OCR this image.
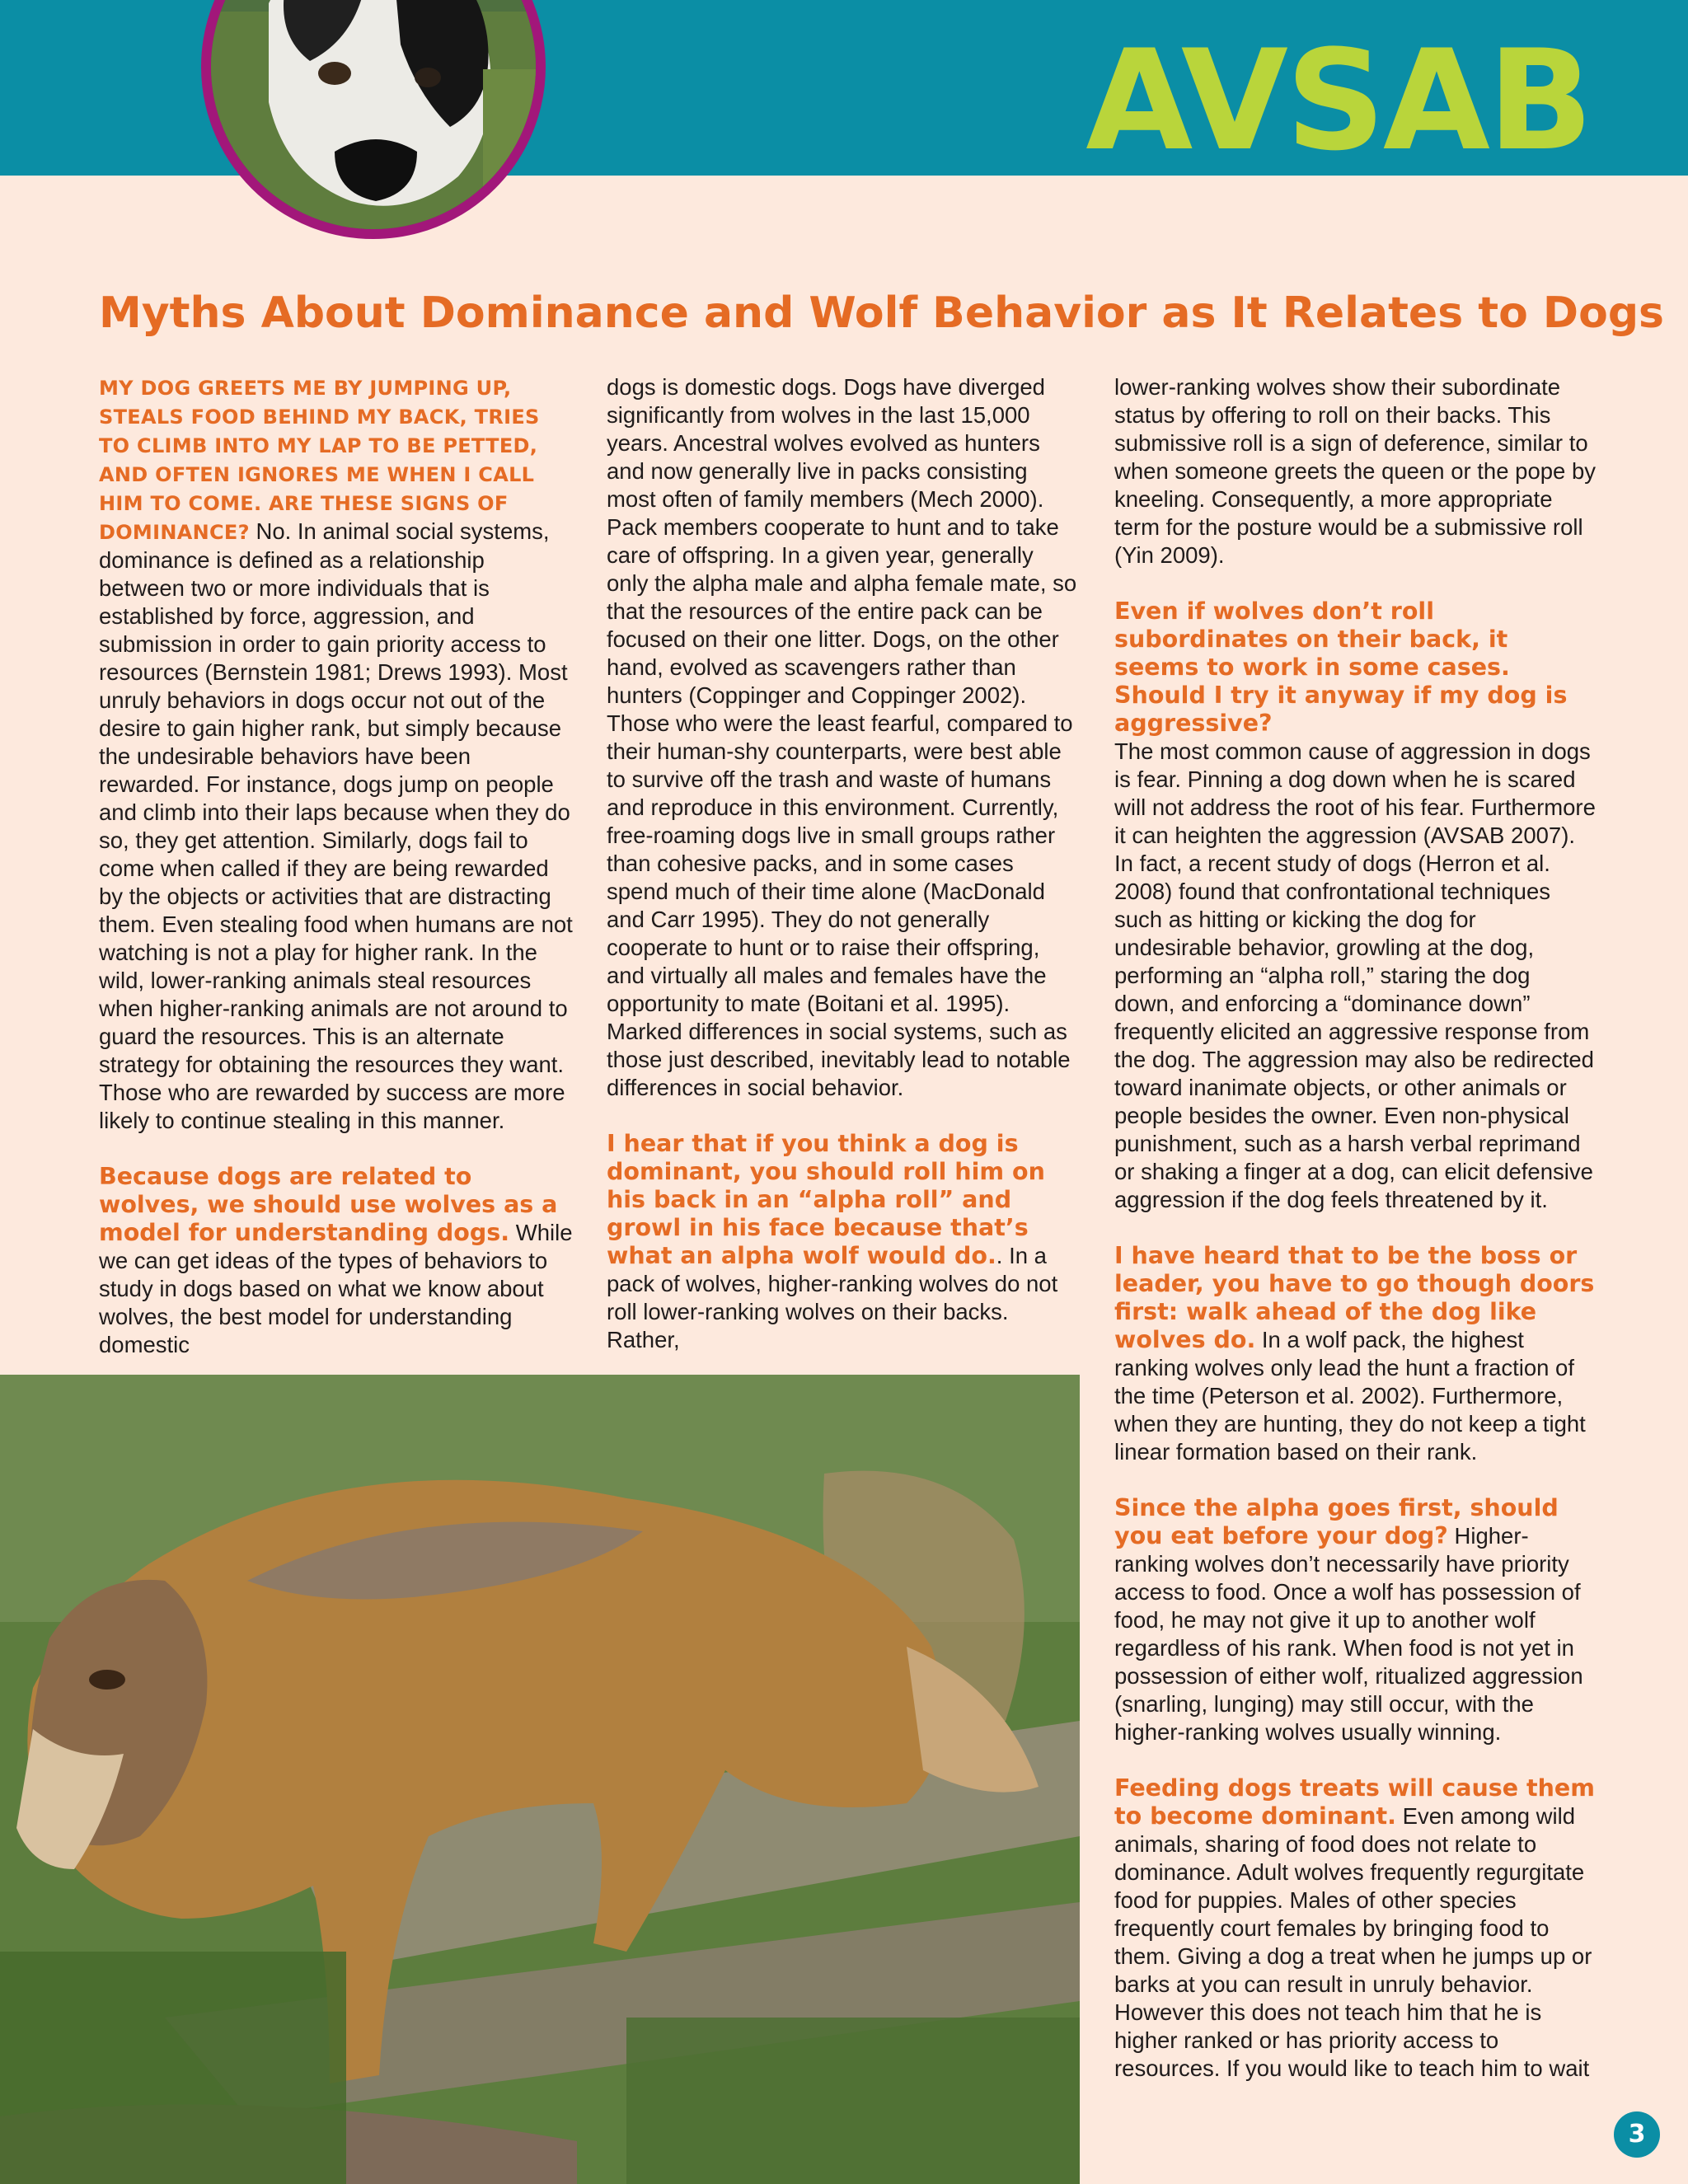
AVSAB
Myths About Dominance and Wolf Behavior as It Relates to Dogs

MY DOG GREETS ME BY JUMPING UP, STEALS FOOD BEHIND MY BACK, TRIES TO CLIMB INTO MY LAP TO BE PETTED, AND OFTEN IGNORES ME WHEN I CALL HIM TO COME. ARE THESE SIGNS OF DOMINANCE? No. In animal social systems, dominance is defined as a relationship between two or more individuals that is established by force, aggression, and submission in order to gain priority access to resources (Bernstein 1981; Drews 1993). Most unruly behaviors in dogs occur not out of the desire to gain higher rank, but simply because the undesirable behaviors have been rewarded. For instance, dogs jump on people and climb into their laps because when they do so, they get attention. Similarly, dogs fail to come when called if they are being rewarded by the objects or activities that are distracting them. Even stealing food when humans are not watching is not a play for higher rank. In the wild, lower-ranking animals steal resources when higher-ranking animals are not around to guard the resources. This is an alternate strategy for obtaining the resources they want. Those who are rewarded by success are more likely to continue stealing in this manner.

Because dogs are related to wolves, we should use wolves as a model for understanding dogs. While we can get ideas of the types of behaviors to study in dogs based on what we know about wolves, the best model for understanding domestic

dogs is domestic dogs. Dogs have diverged significantly from wolves in the last 15,000 years. Ancestral wolves evolved as hunters and now generally live in packs consisting most often of family members (Mech 2000). Pack members cooperate to hunt and to take care of offspring. In a given year, generally only the alpha male and alpha female mate, so that the resources of the entire pack can be focused on their one litter. Dogs, on the other hand, evolved as scavengers rather than hunters (Coppinger and Coppinger 2002). Those who were the least fearful, compared to their human-shy counterparts, were best able to survive off the trash and waste of humans and reproduce in this environment. Currently, free-roaming dogs live in small groups rather than cohesive packs, and in some cases spend much of their time alone (MacDonald and Carr 1995). They do not generally cooperate to hunt or to raise their offspring, and virtually all males and females have the opportunity to mate (Boitani et al. 1995). Marked differences in social systems, such as those just described, inevitably lead to notable differences in social behavior.

I hear that if you think a dog is dominant, you should roll him on his back in an “alpha roll” and growl in his face because that’s what an alpha wolf would do.. In a pack of wolves, higher-ranking wolves do not roll lower-ranking wolves on their backs. Rather,

lower-ranking wolves show their subordinate status by offering to roll on their backs. This submissive roll is a sign of deference, similar to when someone greets the queen or the pope by kneeling. Consequently, a more appropriate term for the posture would be a submissive roll (Yin 2009).

Even if wolves don’t roll subordinates on their back, it seems to work in some cases. Should I try it anyway if my dog is aggressive?
The most common cause of aggression in dogs is fear. Pinning a dog down when he is scared will not address the root of his fear. Furthermore it can heighten the aggression (AVSAB 2007). In fact, a recent study of dogs (Herron et al. 2008) found that confrontational techniques such as hitting or kicking the dog for undesirable behavior, growling at the dog, performing an “alpha roll,” staring the dog down, and enforcing a “dominance down” frequently elicited an aggressive response from the dog. The aggression may also be redirected toward inanimate objects, or other animals or people besides the owner. Even non-physical punishment, such as a harsh verbal reprimand or shaking a finger at a dog, can elicit defensive aggression if the dog feels threatened by it.

I have heard that to be the boss or leader, you have to go though doors first: walk ahead of the dog like wolves do. In a wolf pack, the highest ranking wolves only lead the hunt a fraction of the time (Peterson et al. 2002). Furthermore, when they are hunting, they do not keep a tight linear formation based on their rank.

Since the alpha goes first, should you eat before your dog? Higher-ranking wolves don’t necessarily have priority access to food. Once a wolf has possession of food, he may not give it up to another wolf regardless of his rank. When food is not yet in possession of either wolf, ritualized aggression (snarling, lunging) may still occur, with the higher-ranking wolves usually winning.

Feeding dogs treats will cause them to become dominant. Even among wild animals, sharing of food does not relate to dominance. Adult wolves frequently regurgitate food for puppies. Males of other species frequently court females by bringing food to them. Giving a dog a treat when he jumps up or barks at you can result in unruly behavior. However this does not teach him that he is higher ranked or has priority access to resources. If you would like to teach him to wait

3
